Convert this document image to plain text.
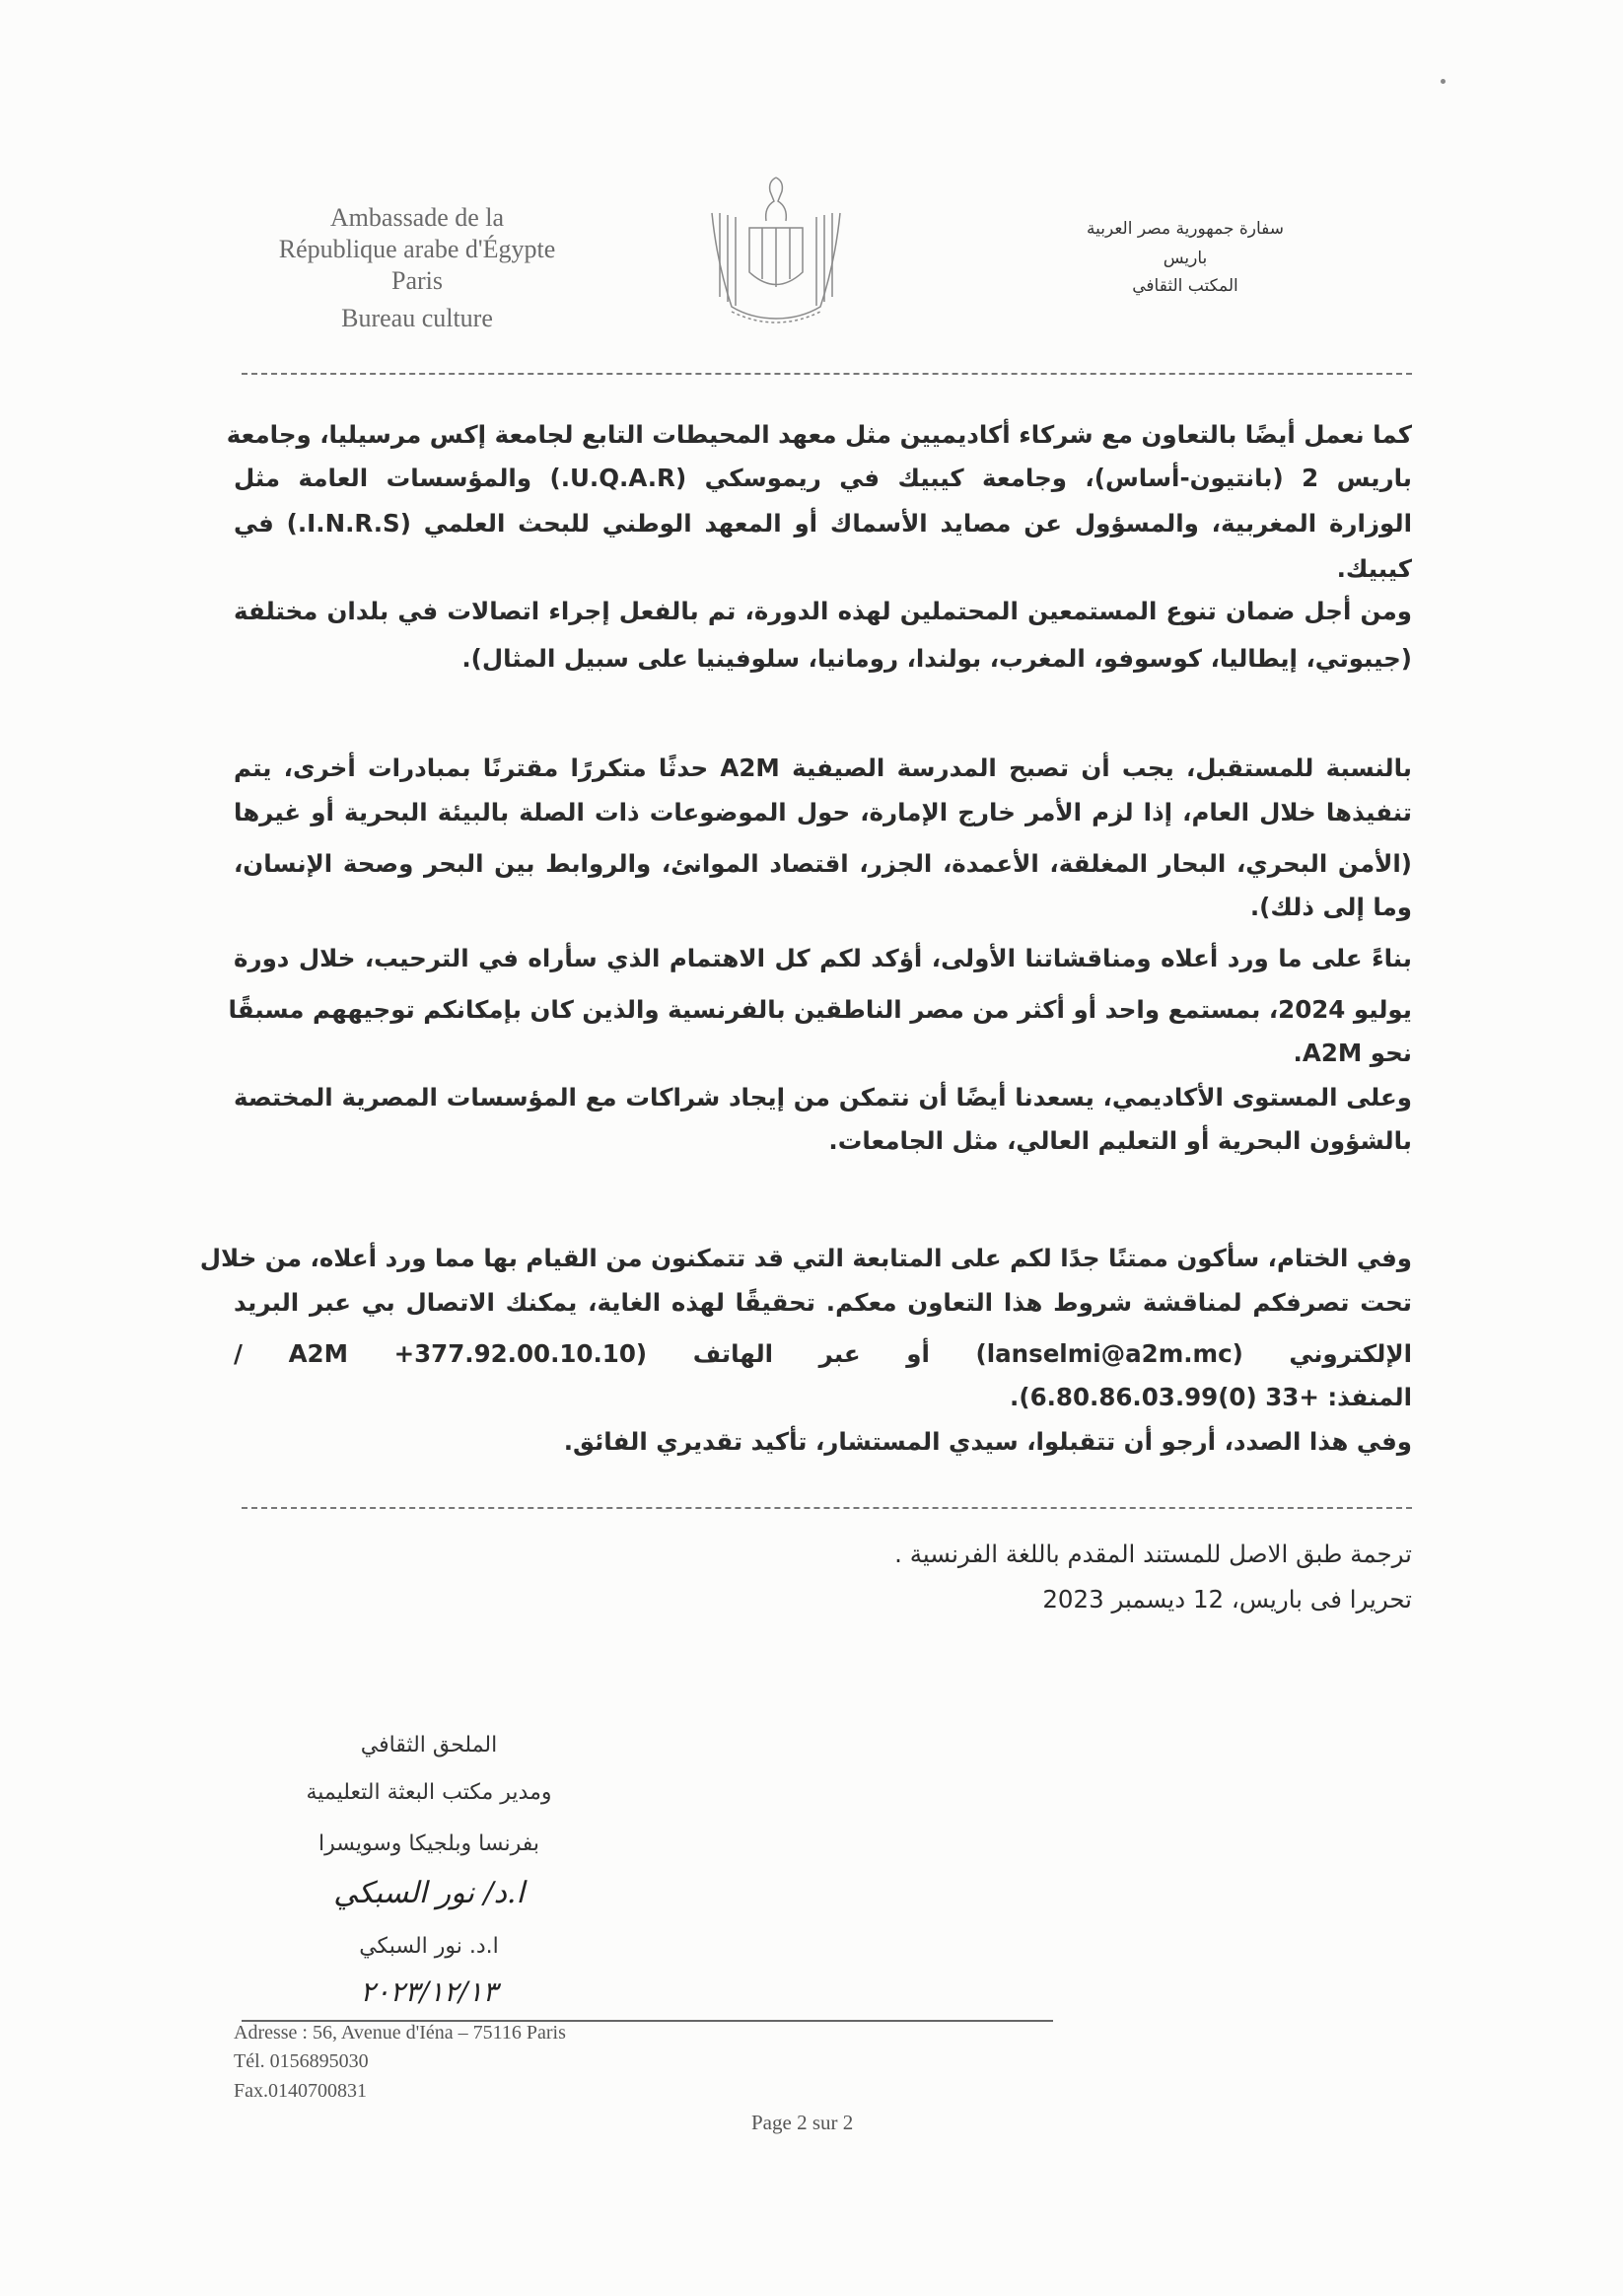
Ambassade de la
République arabe d'Égypte
Paris
Bureau culture
سفارة جمهورية مصر العربية
باريس
المكتب الثقافي
كما نعمل أيضًا بالتعاون مع شركاء أكاديميين مثل معهد المحيطات التابع لجامعة إكس مرسيليا، وجامعة
باريس 2 (بانتيون-أساس)، وجامعة كيبيك في ريموسكي (U.Q.A.R.) والمؤسسات العامة مثل
الوزارة المغربية، والمسؤول عن مصايد الأسماك أو المعهد الوطني للبحث العلمي (I.N.R.S.) في
كيبيك.
ومن أجل ضمان تنوع المستمعين المحتملين لهذه الدورة، تم بالفعل إجراء اتصالات في بلدان مختلفة
(جيبوتي، إيطاليا، كوسوفو، المغرب، بولندا، رومانيا، سلوفينيا على سبيل المثال).
بالنسبة للمستقبل، يجب أن تصبح المدرسة الصيفية A2M حدثًا متكررًا مقترنًا بمبادرات أخرى، يتم
تنفيذها خلال العام، إذا لزم الأمر خارج الإمارة، حول الموضوعات ذات الصلة بالبيئة البحرية أو غيرها
(الأمن البحري، البحار المغلقة، الأعمدة، الجزر، اقتصاد الموانئ، والروابط بين البحر وصحة الإنسان،
وما إلى ذلك).
بناءً على ما ورد أعلاه ومناقشاتنا الأولى، أؤكد لكم كل الاهتمام الذي سأراه في الترحيب، خلال دورة
يوليو 2024، بمستمع واحد أو أكثر من مصر الناطقين بالفرنسية والذين كان بإمكانكم توجيههم مسبقًا
نحو A2M.
وعلى المستوى الأكاديمي، يسعدنا أيضًا أن نتمكن من إيجاد شراكات مع المؤسسات المصرية المختصة
بالشؤون البحرية أو التعليم العالي، مثل الجامعات.
وفي الختام، سأكون ممتنًا جدًا لكم على المتابعة التي قد تتمكنون من القيام بها مما ورد أعلاه، من خلال
تحت تصرفكم لمناقشة شروط هذا التعاون معكم. تحقيقًا لهذه الغاية، يمكنك الاتصال بي عبر البريد
الإلكتروني (lanselmi@a2m.mc) أو عبر الهاتف (A2M +377.92.00.10.10 /
المنفذ: +33 (0)6.80.86.03.99).
وفي هذا الصدد، أرجو أن تتقبلوا، سيدي المستشار، تأكيد تقديري الفائق.
ترجمة طبق الاصل للمستند المقدم باللغة الفرنسية .
تحريرا فى باريس، 12 ديسمبر 2023
الملحق الثقافي
ومدير مكتب البعثة التعليمية
بفرنسا وبلجيكا وسويسرا
ا.د/ نور السبكي
ا.د. نور السبكي
٢٠٢٣/١٢/١٣
Adresse : 56, Avenue d'Iéna – 75116 Paris
Tél. 0156895030
Fax.0140700831
Page 2 sur 2
